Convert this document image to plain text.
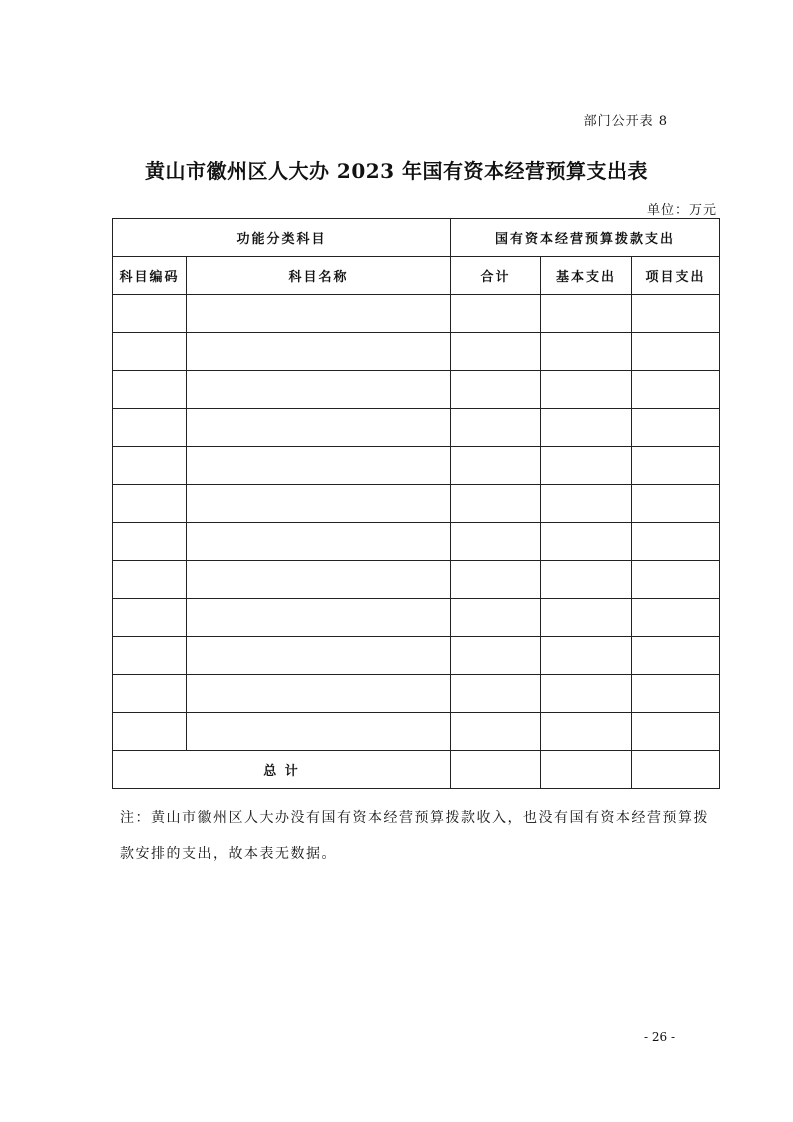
部门公开表 8
黄山市徽州区人大办 2023 年国有资本经营预算支出表
单位：万元
功能分类科目		国有资本经营预算拨款支出		
科目编码	科目名称	合计	基本支出	项目支出

总 计				
注：黄山市徽州区人大办没有国有资本经营预算拨款收入，也没有国有资本经营预算拨款安排的支出，故本表无数据。
- 26 -
